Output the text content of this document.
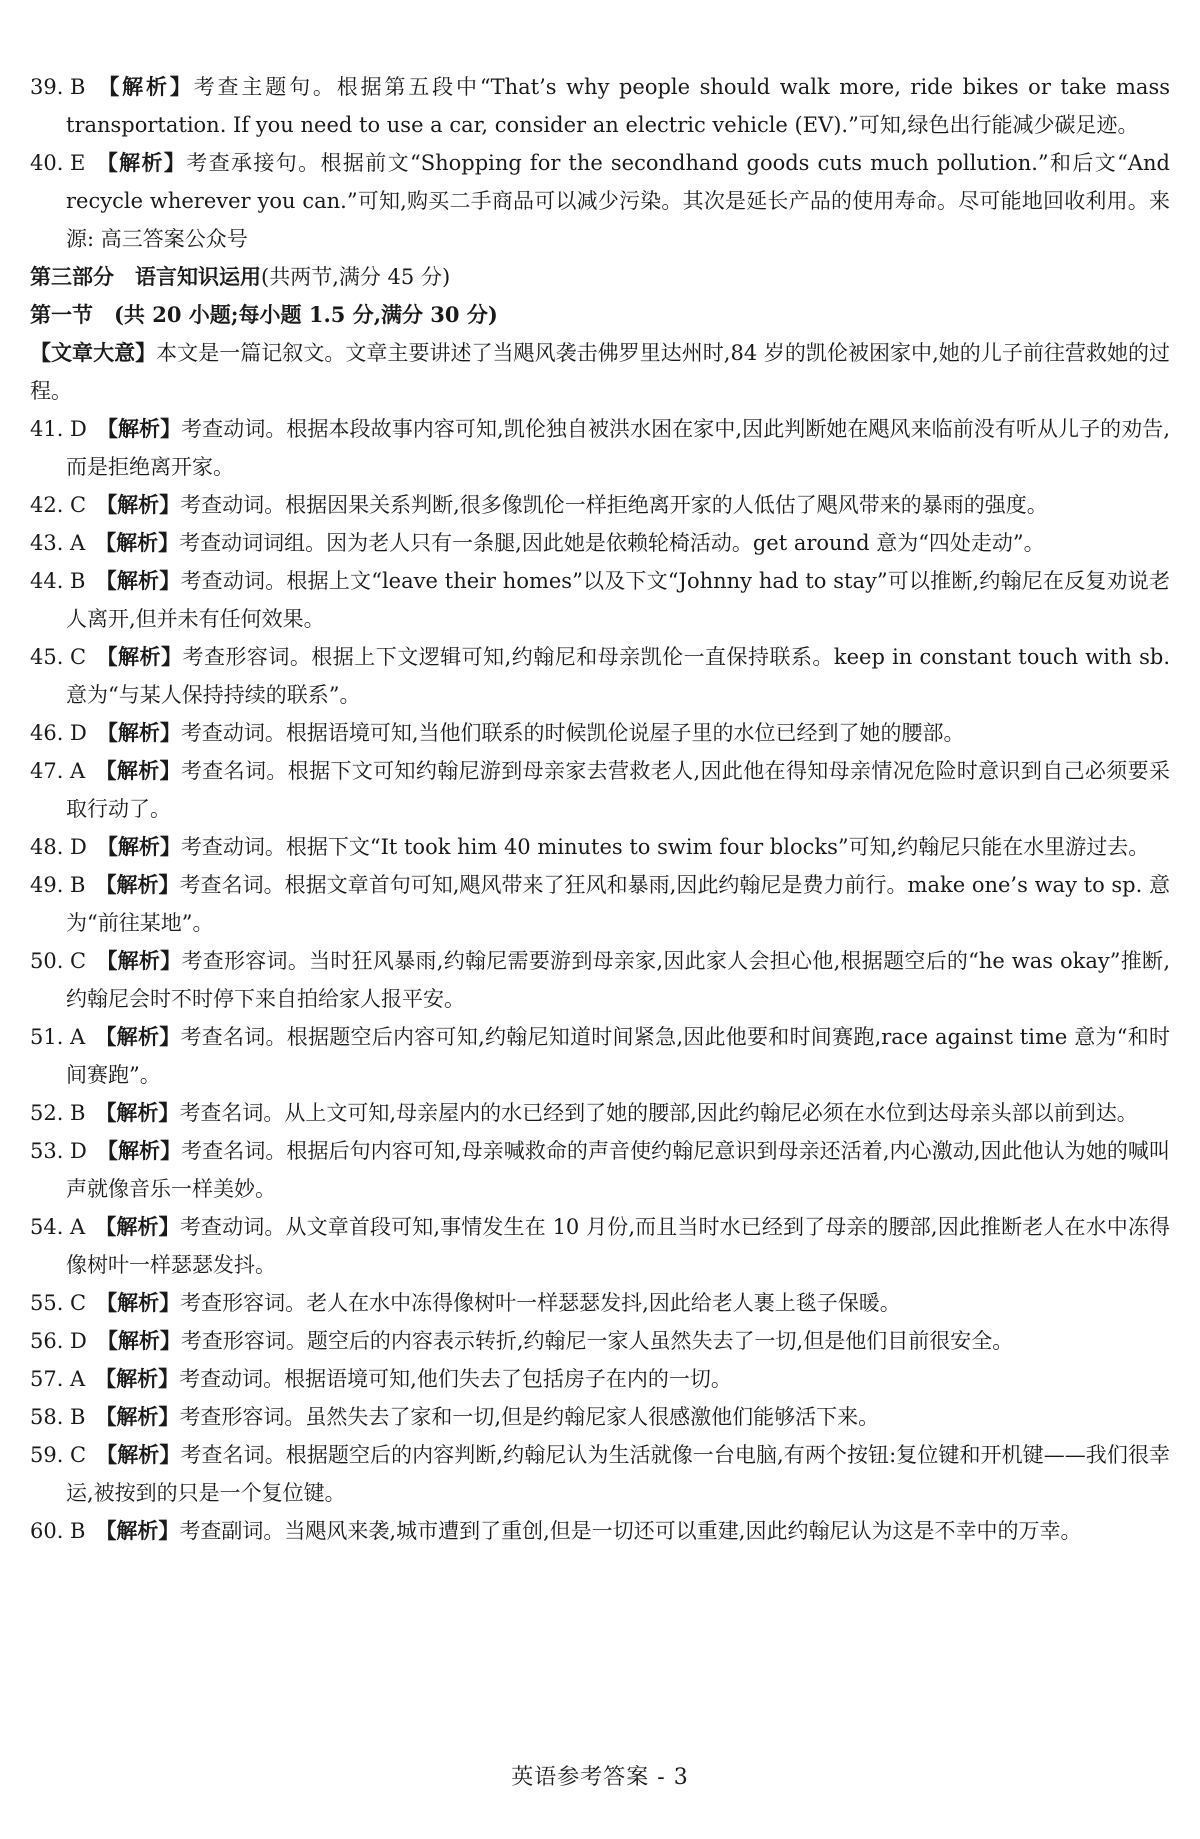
39. B 【解析】考查主题句。根据第五段中“That’s why people should walk more, ride bikes or take mass transportation. If you need to use a car, consider an electric vehicle (EV).”可知,绿色出行能减少碳足迹。
40. E 【解析】考查承接句。根据前文“Shopping for the secondhand goods cuts much pollution.”和后文“And recycle wherever you can.”可知,购买二手商品可以减少污染。其次是延长产品的使用寿命。尽可能地回收利用。来源: 高三答案公众号
第三部分　语言知识运用(共两节,满分 45 分)
第一节　(共 20 小题;每小题 1.5 分,满分 30 分)
【文章大意】本文是一篇记叙文。文章主要讲述了当飓风袭击佛罗里达州时,84 岁的凯伦被困家中,她的儿子前往营救她的过程。
41. D 【解析】考查动词。根据本段故事内容可知,凯伦独自被洪水困在家中,因此判断她在飓风来临前没有听从儿子的劝告,而是拒绝离开家。
42. C 【解析】考查动词。根据因果关系判断,很多像凯伦一样拒绝离开家的人低估了飓风带来的暴雨的强度。
43. A 【解析】考查动词词组。因为老人只有一条腿,因此她是依赖轮椅活动。get around 意为“四处走动”。
44. B 【解析】考查动词。根据上文“leave their homes”以及下文“Johnny had to stay”可以推断,约翰尼在反复劝说老人离开,但并未有任何效果。
45. C 【解析】考查形容词。根据上下文逻辑可知,约翰尼和母亲凯伦一直保持联系。keep in constant touch with sb. 意为“与某人保持持续的联系”。
46. D 【解析】考查动词。根据语境可知,当他们联系的时候凯伦说屋子里的水位已经到了她的腰部。
47. A 【解析】考查名词。根据下文可知约翰尼游到母亲家去营救老人,因此他在得知母亲情况危险时意识到自己必须要采取行动了。
48. D 【解析】考查动词。根据下文“It took him 40 minutes to swim four blocks”可知,约翰尼只能在水里游过去。
49. B 【解析】考查名词。根据文章首句可知,飓风带来了狂风和暴雨,因此约翰尼是费力前行。make one’s way to sp. 意为“前往某地”。
50. C 【解析】考查形容词。当时狂风暴雨,约翰尼需要游到母亲家,因此家人会担心他,根据题空后的“he was okay”推断,约翰尼会时不时停下来自拍给家人报平安。
51. A 【解析】考查名词。根据题空后内容可知,约翰尼知道时间紧急,因此他要和时间赛跑,race against time 意为“和时间赛跑”。
52. B 【解析】考查名词。从上文可知,母亲屋内的水已经到了她的腰部,因此约翰尼必须在水位到达母亲头部以前到达。
53. D 【解析】考查名词。根据后句内容可知,母亲喊救命的声音使约翰尼意识到母亲还活着,内心激动,因此他认为她的喊叫声就像音乐一样美妙。
54. A 【解析】考查动词。从文章首段可知,事情发生在 10 月份,而且当时水已经到了母亲的腰部,因此推断老人在水中冻得像树叶一样瑟瑟发抖。
55. C 【解析】考查形容词。老人在水中冻得像树叶一样瑟瑟发抖,因此给老人裹上毯子保暖。
56. D 【解析】考查形容词。题空后的内容表示转折,约翰尼一家人虽然失去了一切,但是他们目前很安全。
57. A 【解析】考查动词。根据语境可知,他们失去了包括房子在内的一切。
58. B 【解析】考查形容词。虽然失去了家和一切,但是约翰尼家人很感激他们能够活下来。
59. C 【解析】考查名词。根据题空后的内容判断,约翰尼认为生活就像一台电脑,有两个按钮:复位键和开机键——我们很幸运,被按到的只是一个复位键。
60. B 【解析】考查副词。当飓风来袭,城市遭到了重创,但是一切还可以重建,因此约翰尼认为这是不幸中的万幸。
英语参考答案 - 3
